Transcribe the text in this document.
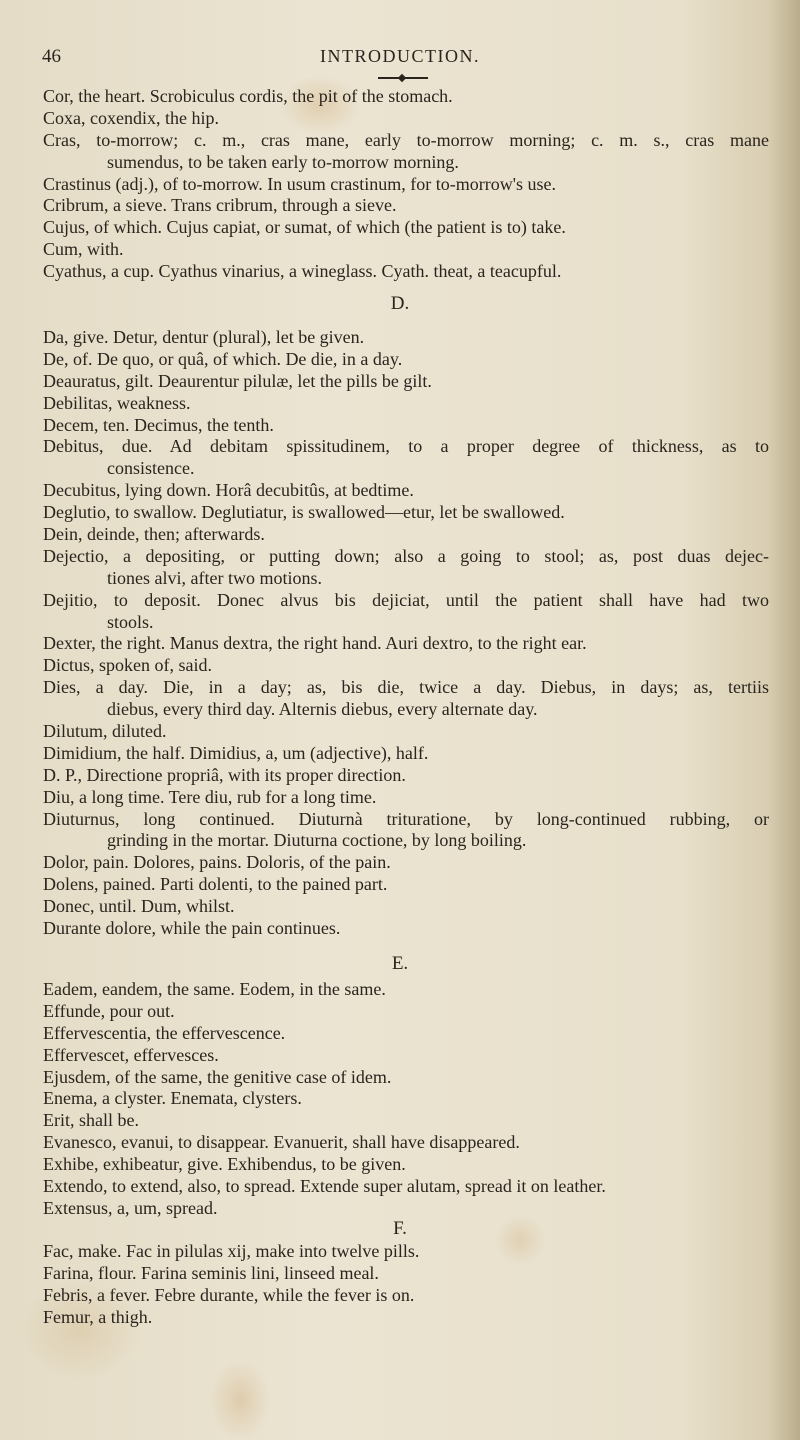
46	INTRODUCTION.
Cor, the heart. Scrobiculus cordis, the pit of the stomach.
Coxa, coxendix, the hip.
Cras, to-morrow; c. m., cras mane, early to-morrow morning; c. m. s., cras mane
sumendus, to be taken early to-morrow morning.
Crastinus (adj.), of to-morrow. In usum crastinum, for to-morrow's use.
Cribrum, a sieve. Trans cribrum, through a sieve.
Cujus, of which. Cujus capiat, or sumat, of which (the patient is to) take.
Cum, with.
Cyathus, a cup. Cyathus vinarius, a wineglass. Cyath. theat, a teacupful.
D.
Da, give. Detur, dentur (plural), let be given.
De, of. De quo, or quâ, of which. De die, in a day.
Deauratus, gilt. Deaurentur pilulæ, let the pills be gilt.
Debilitas, weakness.
Decem, ten. Decimus, the tenth.
Debitus, due. Ad debitam spissitudinem, to a proper degree of thickness, as to
consistence.
Decubitus, lying down. Horâ decubitûs, at bedtime.
Deglutio, to swallow. Deglutiatur, is swallowed—etur, let be swallowed.
Dein, deinde, then; afterwards.
Dejectio, a depositing, or putting down; also a going to stool; as, post duas dejec-
tiones alvi, after two motions.
Dejitio, to deposit. Donec alvus bis dejiciat, until the patient shall have had two
stools.
Dexter, the right. Manus dextra, the right hand. Auri dextro, to the right ear.
Dictus, spoken of, said.
Dies, a day. Die, in a day; as, bis die, twice a day. Diebus, in days; as, tertiis
diebus, every third day. Alternis diebus, every alternate day.
Dilutum, diluted.
Dimidium, the half. Dimidius, a, um (adjective), half.
D. P., Directione propriâ, with its proper direction.
Diu, a long time. Tere diu, rub for a long time.
Diuturnus, long continued. Diuturnà trituratione, by long-continued rubbing, or
grinding in the mortar. Diuturna coctione, by long boiling.
Dolor, pain. Dolores, pains. Doloris, of the pain.
Dolens, pained. Parti dolenti, to the pained part.
Donec, until. Dum, whilst.
Durante dolore, while the pain continues.
E.
Eadem, eandem, the same. Eodem, in the same.
Effunde, pour out.
Effervescentia, the effervescence.
Effervescet, effervesces.
Ejusdem, of the same, the genitive case of idem.
Enema, a clyster. Enemata, clysters.
Erit, shall be.
Evanesco, evanui, to disappear. Evanuerit, shall have disappeared.
Exhibe, exhibeatur, give. Exhibendus, to be given.
Extendo, to extend, also, to spread. Extende super alutam, spread it on leather.
Extensus, a, um, spread.
F.
Fac, make. Fac in pilulas xij, make into twelve pills.
Farina, flour. Farina seminis lini, linseed meal.
Febris, a fever. Febre durante, while the fever is on.
Femur, a thigh.
